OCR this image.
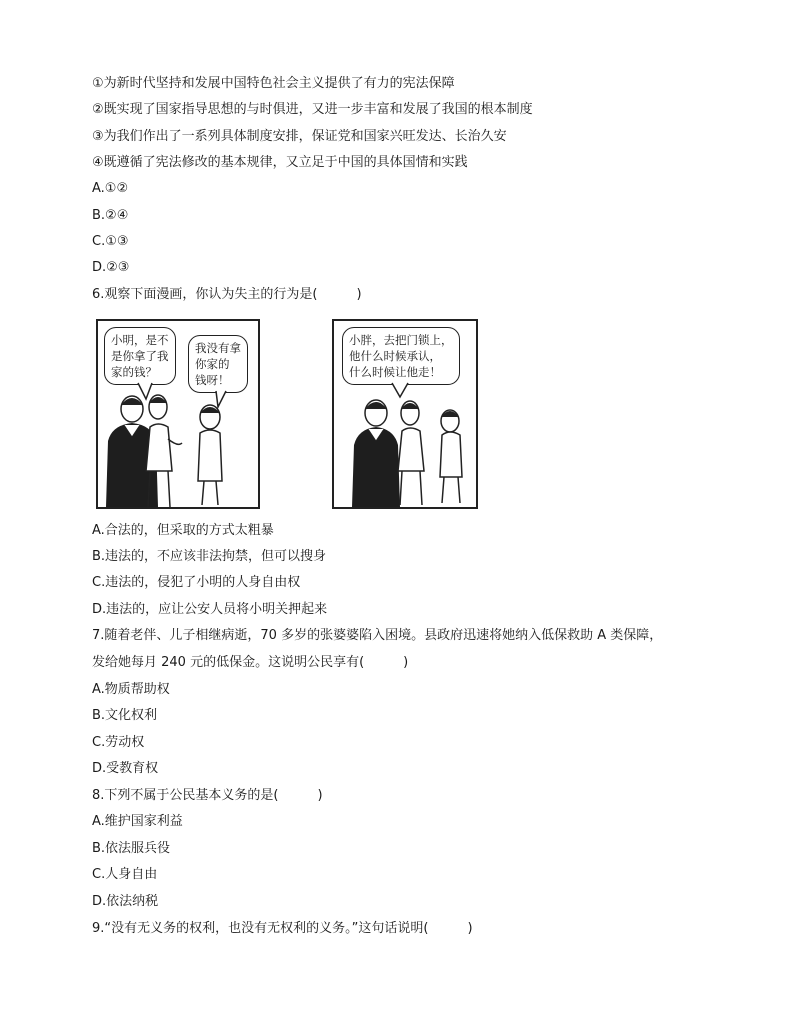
①为新时代坚持和发展中国特色社会主义提供了有力的宪法保障
②既实现了国家指导思想的与时俱进，又进一步丰富和发展了我国的根本制度
③为我们作出了一系列具体制度安排，保证党和国家兴旺发达、长治久安
④既遵循了宪法修改的基本规律，又立足于中国的具体国情和实践
A.①②
B.②④
C.①③
D.②③
6.观察下面漫画，你认为失主的行为是(　　　)
小明，是不
是你拿了我
家的钱？
我没有拿
你家的
钱呀！
小胖，去把门锁上，
他什么时候承认，
什么时候让他走！
A.合法的，但采取的方式太粗暴
B.违法的，不应该非法拘禁，但可以搜身
C.违法的，侵犯了小明的人身自由权
D.违法的，应让公安人员将小明关押起来
7.随着老伴、儿子相继病逝，70 多岁的张婆婆陷入困境。县政府迅速将她纳入低保救助 A 类保障，
发给她每月 240 元的低保金。这说明公民享有(　　　)
A.物质帮助权
B.文化权利
C.劳动权
D.受教育权
8.下列不属于公民基本义务的是(　　　)
A.维护国家利益
B.依法服兵役
C.人身自由
D.依法纳税
9.“没有无义务的权利，也没有无权利的义务。”这句话说明(　　　)
